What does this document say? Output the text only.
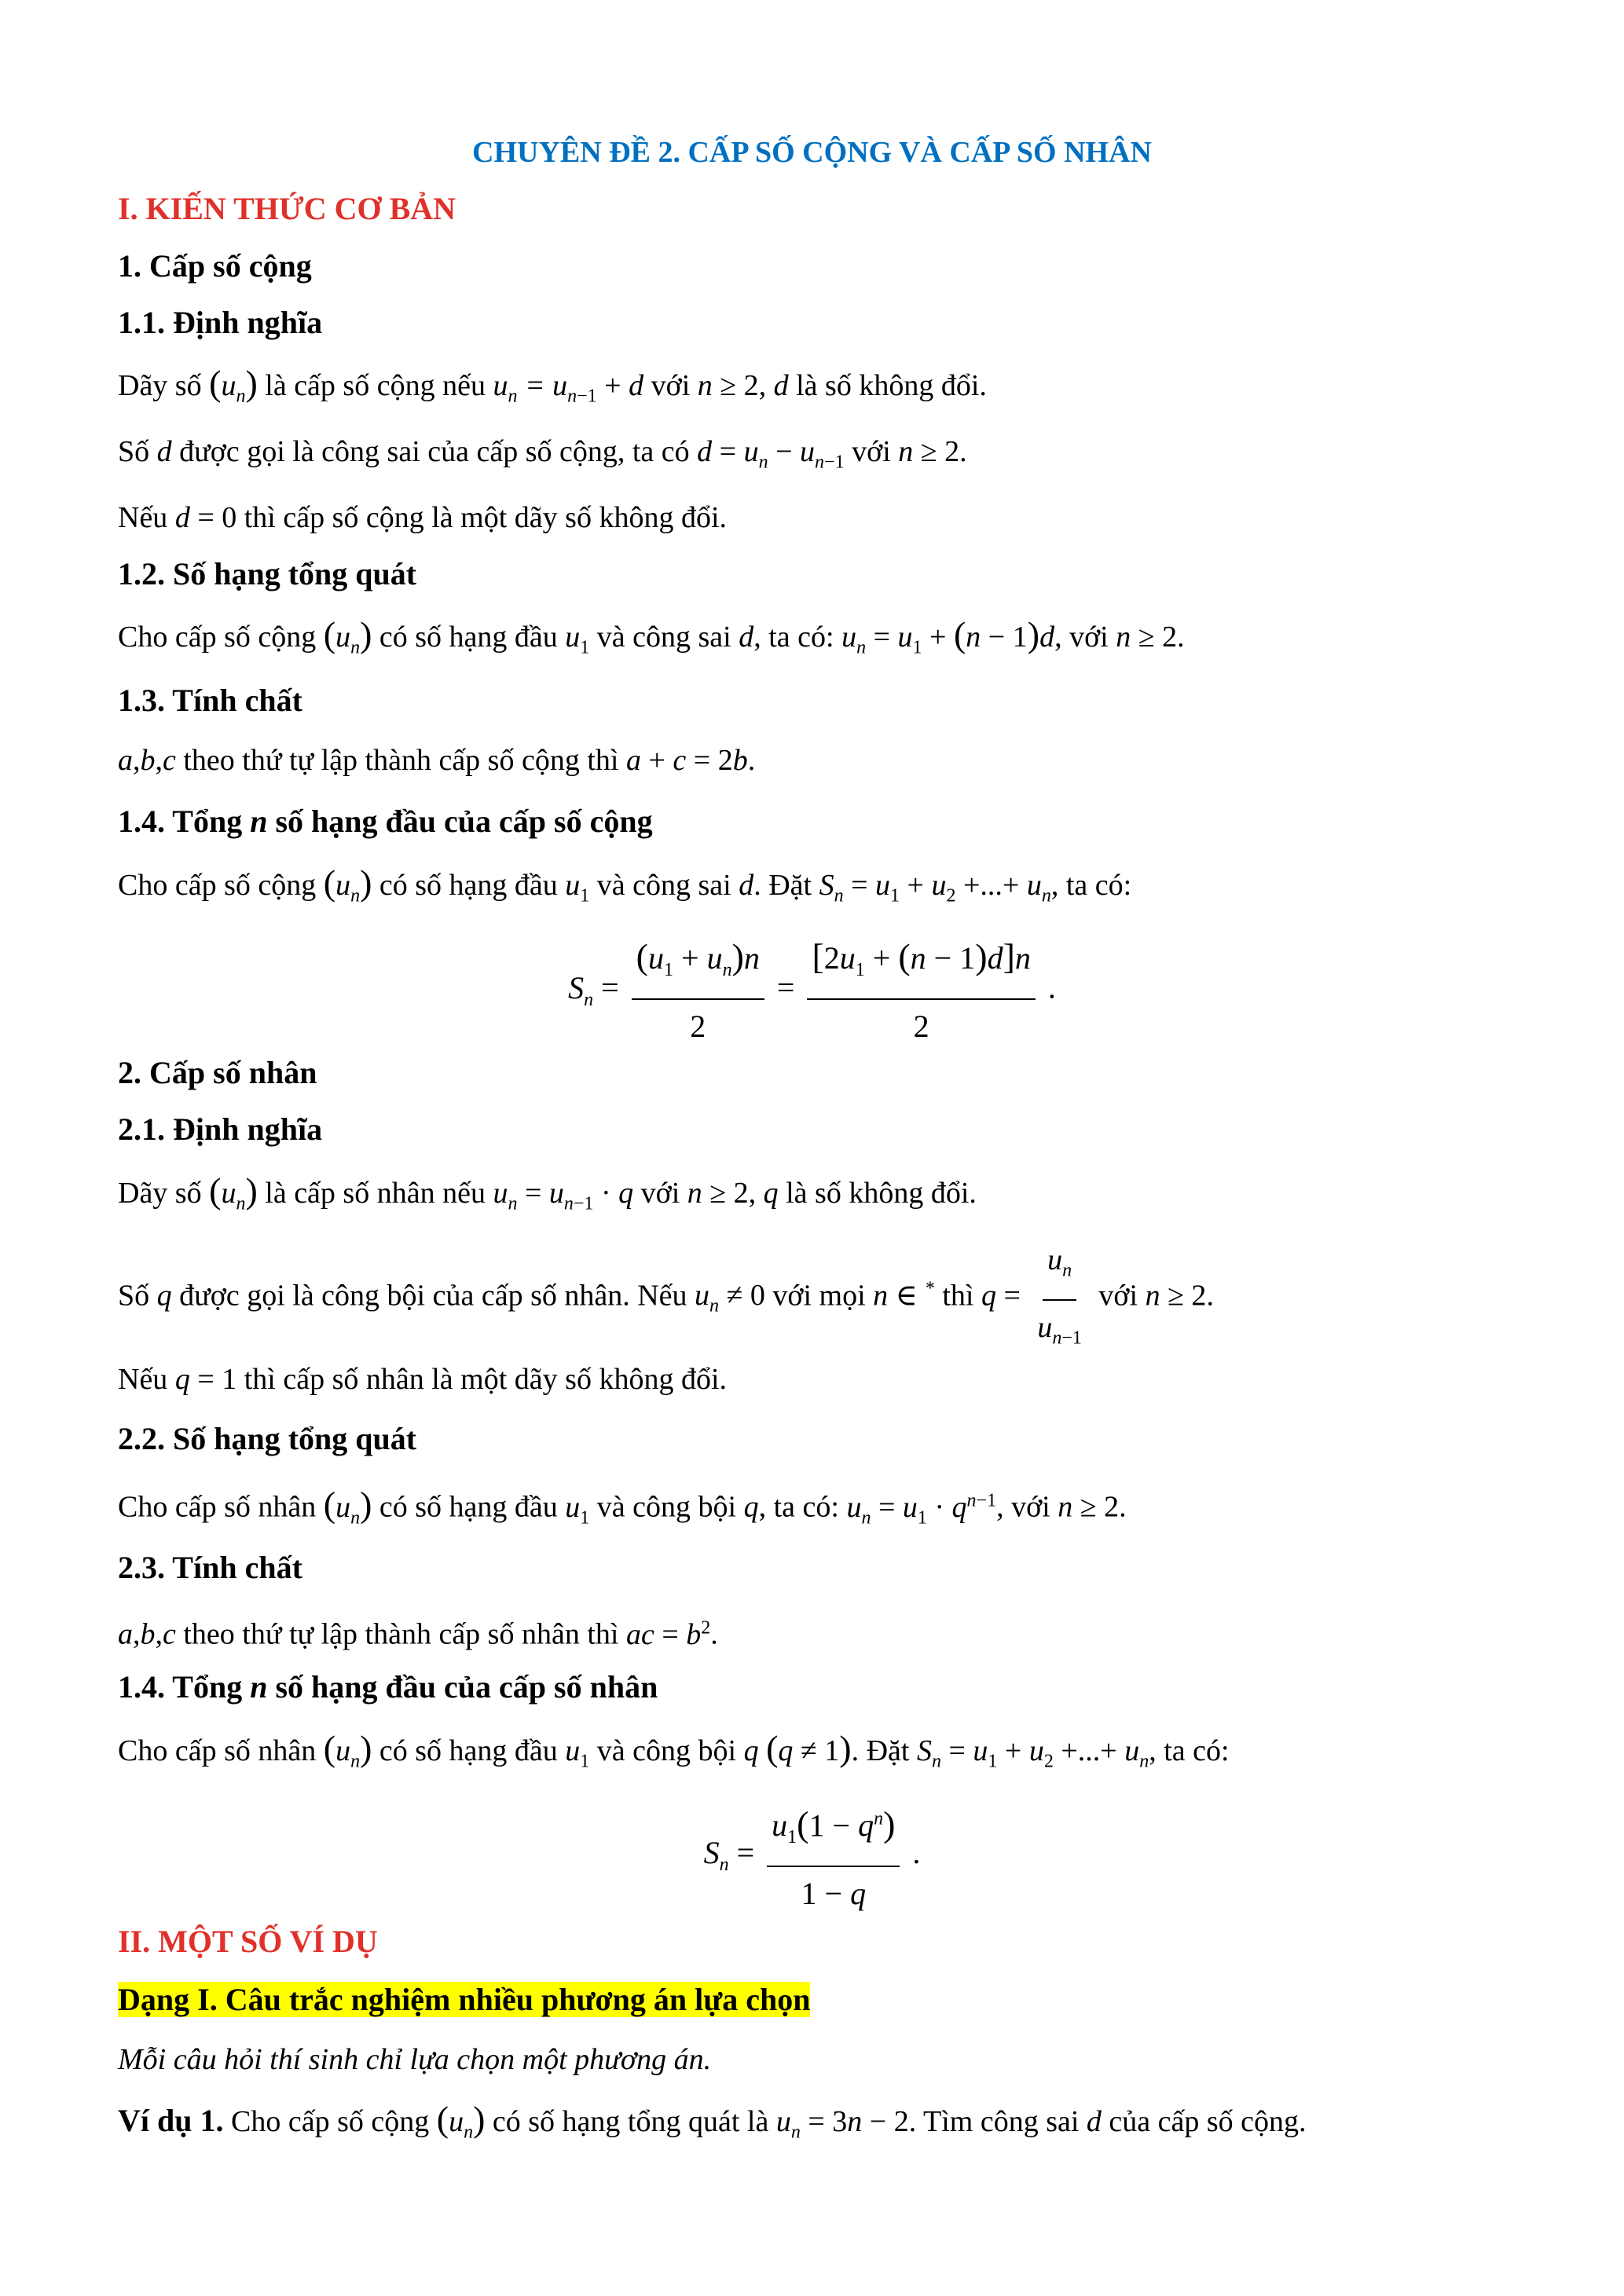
CHUYÊN ĐỀ 2. CẤP SỐ CỘNG VÀ CẤP SỐ NHÂN
I. KIẾN THỨC CƠ BẢN
1. Cấp số cộng
1.1. Định nghĩa
Dãy số $(u_n)$ là cấp số cộng nếu $u_n = u_{n-1} + d$ với n ≥ 2, d là số không đổi.
Số d được gọi là công sai của cấp số cộng, ta có $d = u_n - u_{n-1}$ với n ≥ 2.
Nếu d = 0 thì cấp số cộng là một dãy số không đổi.
1.2. Số hạng tổng quát
Cho cấp số cộng $(u_n)$ có số hạng đầu $u_1$ và công sai d, ta có: $u_n = u_1 + (n - 1)d$, với n ≥ 2.
1.3. Tính chất
a,b,c theo thứ tự lập thành cấp số cộng thì a + c = 2b.
1.4. Tổng n số hạng đầu của cấp số cộng
Cho cấp số cộng $(u_n)$ có số hạng đầu $u_1$ và công sai d. Đặt $S_n = u_1 + u_2$ +...+ $u_n$, ta có:
$S_n = \frac{(u_1 + u_n)n}{2} = \frac{[2u_1 + (n - 1)d]n}{2}$ .
2. Cấp số nhân
2.1. Định nghĩa
Dãy số $(u_n)$ là cấp số nhân nếu $u_n = u_{n-1} \cdot q$ với n ≥ 2, q là số không đổi.
Số q được gọi là công bội của cấp số nhân. Nếu $u_n \ne 0$ với mọi n ∈ * thì $q = \frac{u_n}{u_{n-1}}$ với n ≥ 2.
Nếu q = 1 thì cấp số nhân là một dãy số không đổi.
2.2. Số hạng tổng quát
Cho cấp số nhân $(u_n)$ có số hạng đầu $u_1$ và công bội q, ta có: $u_n = u_1 \cdot q^{n-1}$, với n ≥ 2.
2.3. Tính chất
a,b,c theo thứ tự lập thành cấp số nhân thì ac = $b^2$.
1.4. Tổng n số hạng đầu của cấp số nhân
Cho cấp số nhân $(u_n)$ có số hạng đầu $u_1$ và công bội q (q ≠ 1). Đặt $S_n = u_1 + u_2$ +...+ $u_n$, ta có:
$S_n = \frac{u_1(1 - q^n)}{1 - q}$ .
II. MỘT SỐ VÍ DỤ
Dạng I. Câu trắc nghiệm nhiều phương án lựa chọn
Mỗi câu hỏi thí sinh chỉ lựa chọn một phương án.
Ví dụ 1. Cho cấp số cộng $(u_n)$ có số hạng tổng quát là $u_n = 3n - 2$. Tìm công sai d của cấp số cộng.
